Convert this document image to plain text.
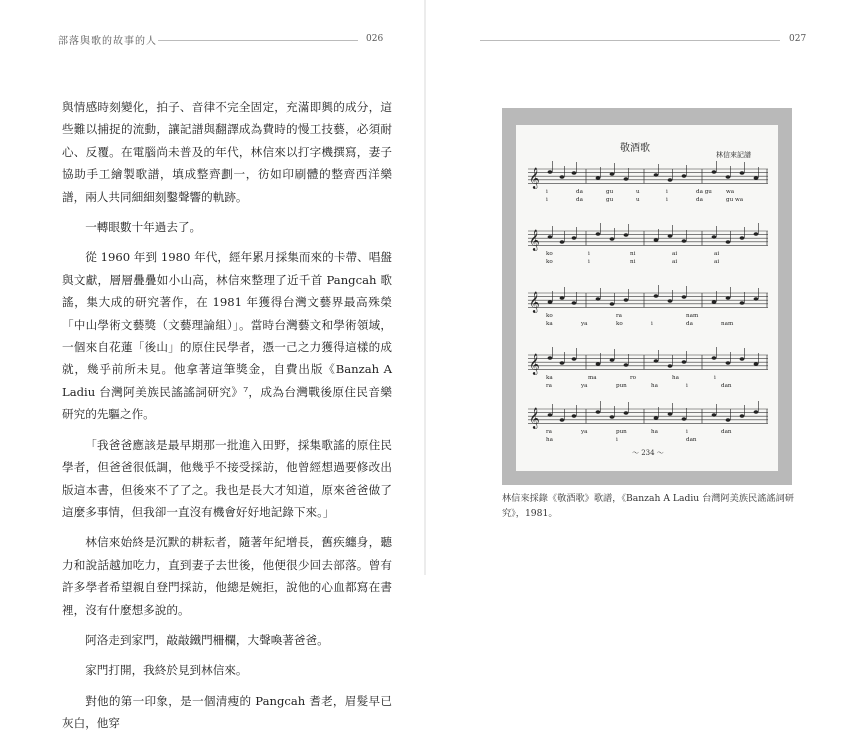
部落與歌的故事的人	026

與情感時刻變化，拍子、音律不完全固定，充滿即興的成分，這些難以捕捉的流動，讓記譜與翻譯成為費時的慢工技藝，必須耐心、反覆。在電腦尚未普及的年代，林信來以打字機撰寫，妻子協助手工繪製歌譜，填成整齊劃一，彷如印刷體的整齊西洋樂譜，兩人共同細細刻鑿聲響的軌跡。

一轉眼數十年過去了。

從 1960 年到 1980 年代，經年累月採集而來的卡帶、唱盤與文獻，層層疊疊如小山高，林信來整理了近千首 Pangcah 歌謠，集大成的研究著作，在 1981 年獲得台灣文藝界最高殊榮「中山學術文藝獎（文藝理論組）」。當時台灣藝文和學術領域，一個來自花蓮「後山」的原住民學者，憑一己之力獲得這樣的成就，幾乎前所未見。他拿著這筆獎金，自費出版《Banzah A Ladiu 台灣阿美族民謠謠詞研究》⁷，成為台灣戰後原住民音樂研究的先驅之作。

「我爸爸應該是最早期那一批進入田野，採集歌謠的原住民學者，但爸爸很低調，他幾乎不接受採訪，他曾經想過要修改出版這本書，但後來不了了之。我也是長大才知道，原來爸爸做了這麼多事情，但我卻一直沒有機會好好地記錄下來。」

林信來始終是沉默的耕耘者，隨著年紀增長，舊疾纏身，聽力和說話越加吃力，直到妻子去世後，他便很少回去部落。曾有許多學者希望親自登門採訪，他總是婉拒，說他的心血都寫在書裡，沒有什麼想多說的。

阿洛走到家門，敲敲鐵門柵欄，大聲喚著爸爸。

家門打開，我終於見到林信來。

對他的第一印象，是一個清瘦的 Pangcah 耆老，眉髮早已灰白，他穿

027
敬酒歌
林信來記譜
𝄞
i	da	gu	u	i	da gu	wa
i	da	gu	u	i	da	gu wa
𝄞
ko	i	ni	ai	ai
ko	i	ni	ai	ai
𝄞
ko	ra	nam
ka	ya	ko	i	da	nam
𝄞
ka	ma	ro	ha	i
ra	ya	pun	ha	i	dan
𝄞
ra	ya	pun	ha	i	dan
ha	i	dan
～ 234 ～
林信來採錄《敬酒歌》歌譜，《Banzah A Ladiu 台灣阿美族民謠謠詞研究》，1981。
